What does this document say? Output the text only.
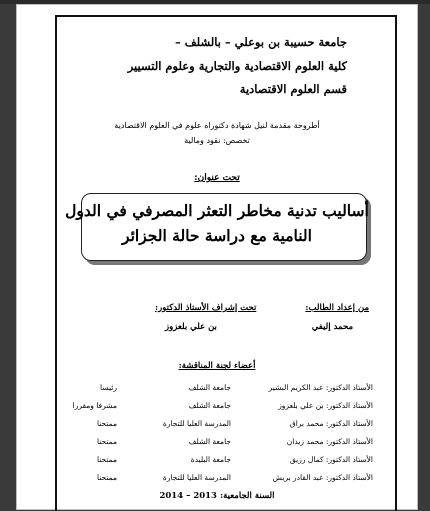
جامعة حسيبة بن بوعلي – بالشلف –
كلية العلوم الاقتصادية والتجارية وعلوم التسيير
قسم العلوم الاقتصادية
أطروحة مقدمة لنيل شهادة دكتوراه علوم في العلوم الاقتصادية
تخصص: نقود ومالية
تحت عنوان:
أساليب تدنية مخاطر التعثر المصرفي في الدول
النامية مع دراسة حالة الجزائر
من إعداد الطالب:
تحت إشراف الأستاذ الدكتور:
محمد إليفي
بن علي بلعزوز
أعضاء لجنة المناقشة:
الأستاذ الدكتور: عبد الكريم البشير
جامعة الشلف
رئيسا
الأستاذ الدكتور: بن علي بلعزوز
جامعة الشلف
مشرفا ومقررا
الأستاذ الدكتور: محمد براق
المدرسة العليا للتجارة
ممتحنا
الأستاذ الدكتور: محمد زيدان
جامعة الشلف
ممتحنا
الأستاذ الدكتور: كمال رزيق
جامعة البليدة
ممتحنا
الأستاذ الدكتور: عبد القادر بريش
المدرسة العليا للتجارة
ممتحنا
السنة الجامعية: 2013 – 2014
